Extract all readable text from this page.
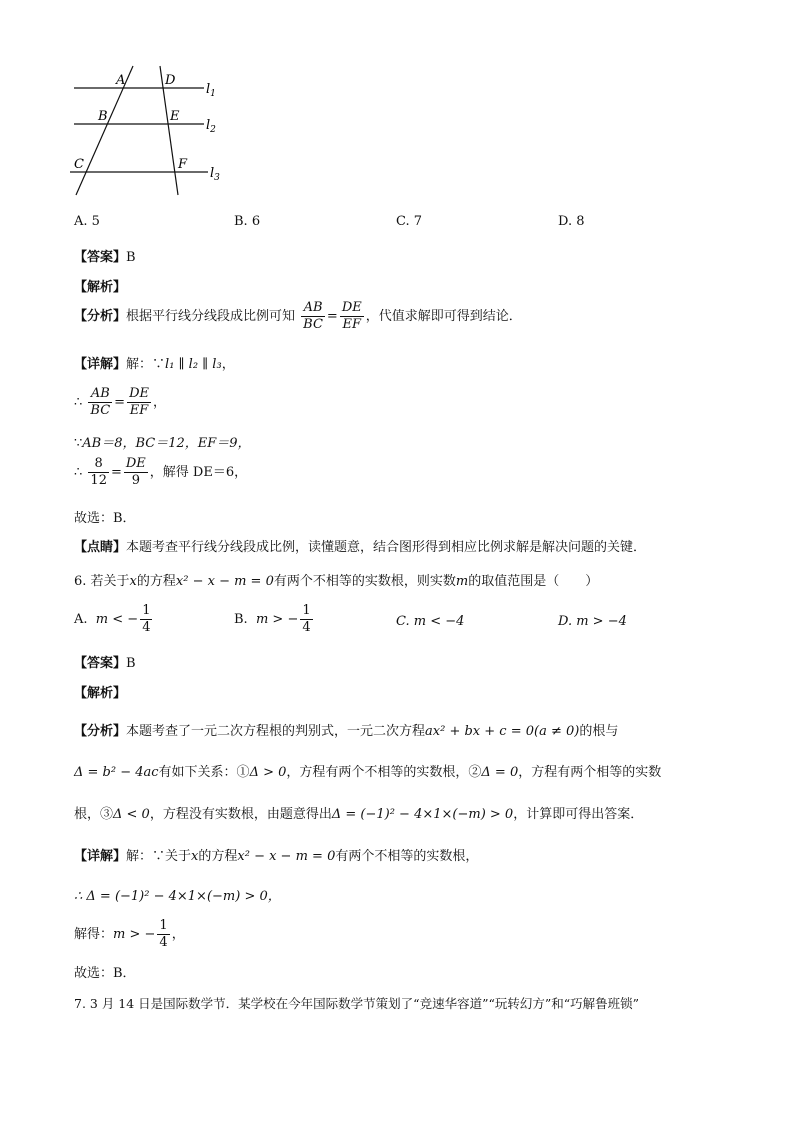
A	D
B	E
C	F
$l_1$
$l_2$
$l_3$
A. 5	B. 6	C. 7	D. 8
【答案】B
【解析】
【分析】根据平行线分线段成比例可知 $\frac{AB}{BC} = \frac{DE}{EF}$ ，代值求解即可得到结论．
【详解】解：∵l₁ ∥ l₂ ∥ l₃，
∴ $\frac{AB}{BC} = \frac{DE}{EF}$ ，
∵AB＝8，BC＝12，EF＝9，
∴ $\frac{8}{12} = \frac{DE}{9}$ ，解得 DE＝6，
故选：B．
【点睛】本题考查平行线分线段成比例，读懂题意，结合图形得到相应比例求解是解决问题的关键．
6. 若关于x的方程x² − x − m = 0有两个不相等的实数根，则实数m的取值范围是（　　）
A. m < − $\frac{1}{4}$	B. m > − $\frac{1}{4}$	C. m < −4	D. m > −4
【答案】B
【解析】
【分析】本题考查了一元二次方程根的判别式，一元二次方程ax² + bx + c = 0(a ≠ 0)的根与
Δ = b² − 4ac有如下关系：①Δ > 0，方程有两个不相等的实数根，②Δ = 0，方程有两个相等的实数
根，③Δ < 0，方程没有实数根，由题意得出Δ = (−1)² − 4×1×(−m) > 0，计算即可得出答案．
【详解】解：∵关于x的方程x² − x − m = 0有两个不相等的实数根，
∴ Δ = (−1)² − 4×1×(−m) > 0，
解得：m > − $\frac{1}{4}$ ，
故选：B．
7. 3 月 14 日是国际数学节．某学校在今年国际数学节策划了“竞速华容道”“玩转幻方”和“巧解鲁班锁”
